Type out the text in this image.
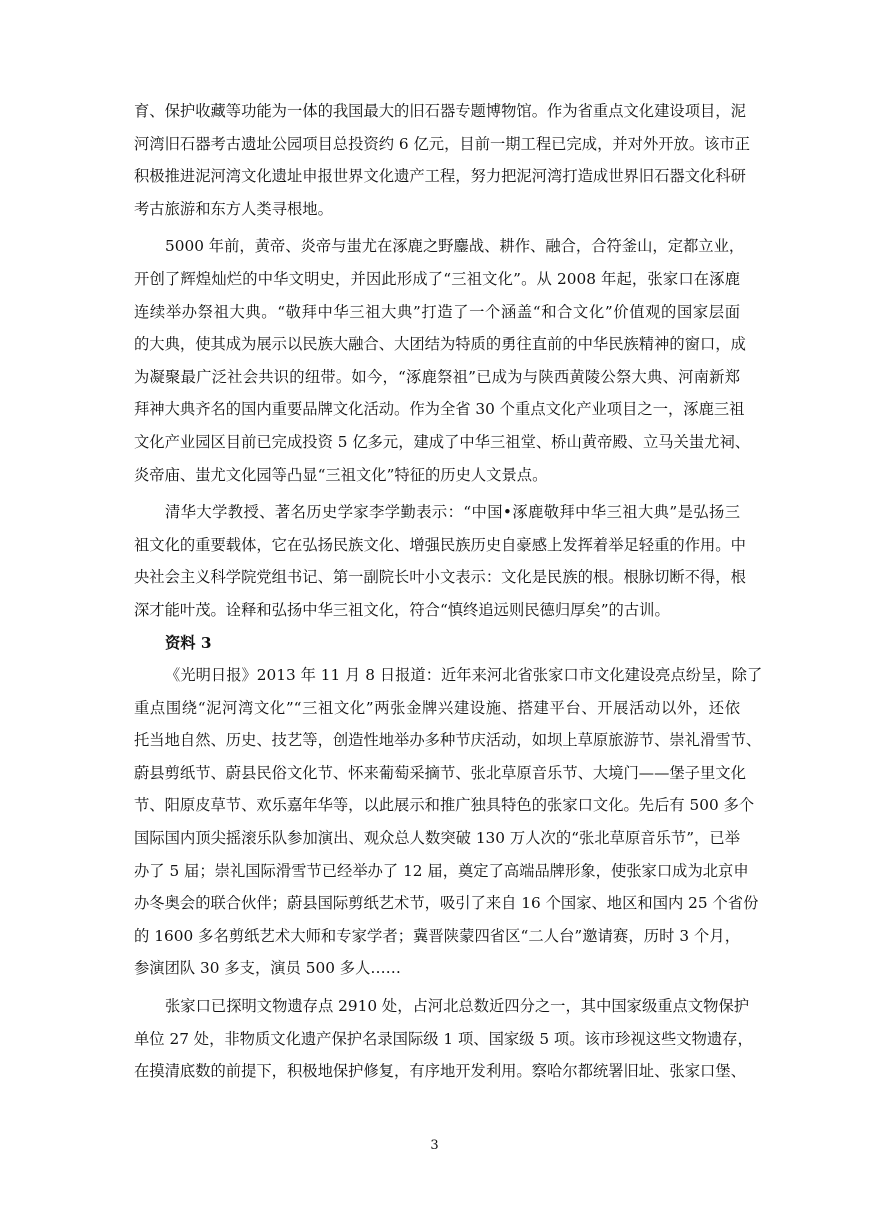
育、保护收藏等功能为一体的我国最大的旧石器专题博物馆。作为省重点文化建设项目，泥
河湾旧石器考古遗址公园项目总投资约 6 亿元，目前一期工程已完成，并对外开放。该市正
积极推进泥河湾文化遗址申报世界文化遗产工程，努力把泥河湾打造成世界旧石器文化科研
考古旅游和东方人类寻根地。
5000 年前，黄帝、炎帝与蚩尤在涿鹿之野鏖战、耕作、融合，合符釜山，定都立业，
开创了辉煌灿烂的中华文明史，并因此形成了“三祖文化”。从 2008 年起，张家口在涿鹿
连续举办祭祖大典。“敬拜中华三祖大典”打造了一个涵盖“和合文化”价值观的国家层面
的大典，使其成为展示以民族大融合、大团结为特质的勇往直前的中华民族精神的窗口，成
为凝聚最广泛社会共识的纽带。如今，“涿鹿祭祖”已成为与陕西黄陵公祭大典、河南新郑
拜神大典齐名的国内重要品牌文化活动。作为全省 30 个重点文化产业项目之一，涿鹿三祖
文化产业园区目前已完成投资 5 亿多元，建成了中华三祖堂、桥山黄帝殿、立马关蚩尤祠、
炎帝庙、蚩尤文化园等凸显“三祖文化”特征的历史人文景点。
清华大学教授、著名历史学家李学勤表示：“中国•涿鹿敬拜中华三祖大典”是弘扬三
祖文化的重要载体，它在弘扬民族文化、增强民族历史自豪感上发挥着举足轻重的作用。中
央社会主义科学院党组书记、第一副院长叶小文表示：文化是民族的根。根脉切断不得，根
深才能叶茂。诠释和弘扬中华三祖文化，符合“慎终追远则民德归厚矣”的古训。
资料 3
《光明日报》2013 年 11 月 8 日报道：近年来河北省张家口市文化建设亮点纷呈，除了
重点围绕“泥河湾文化”“三祖文化”两张金牌兴建设施、搭建平台、开展活动以外，还依
托当地自然、历史、技艺等，创造性地举办多种节庆活动，如坝上草原旅游节、崇礼滑雪节、
蔚县剪纸节、蔚县民俗文化节、怀来葡萄采摘节、张北草原音乐节、大境门——堡子里文化
节、阳原皮草节、欢乐嘉年华等，以此展示和推广独具特色的张家口文化。先后有 500 多个
国际国内顶尖摇滚乐队参加演出、观众总人数突破 130 万人次的“张北草原音乐节”，已举
办了 5 届；崇礼国际滑雪节已经举办了 12 届，奠定了高端品牌形象，使张家口成为北京申
办冬奥会的联合伙伴；蔚县国际剪纸艺术节，吸引了来自 16 个国家、地区和国内 25 个省份
的 1600 多名剪纸艺术大师和专家学者；冀晋陕蒙四省区“二人台”邀请赛，历时 3 个月，
参演团队 30 多支，演员 500 多人……
张家口已探明文物遗存点 2910 处，占河北总数近四分之一，其中国家级重点文物保护
单位 27 处，非物质文化遗产保护名录国际级 1 项、国家级 5 项。该市珍视这些文物遗存，
在摸清底数的前提下，积极地保护修复，有序地开发利用。察哈尔都统署旧址、张家口堡、
3
